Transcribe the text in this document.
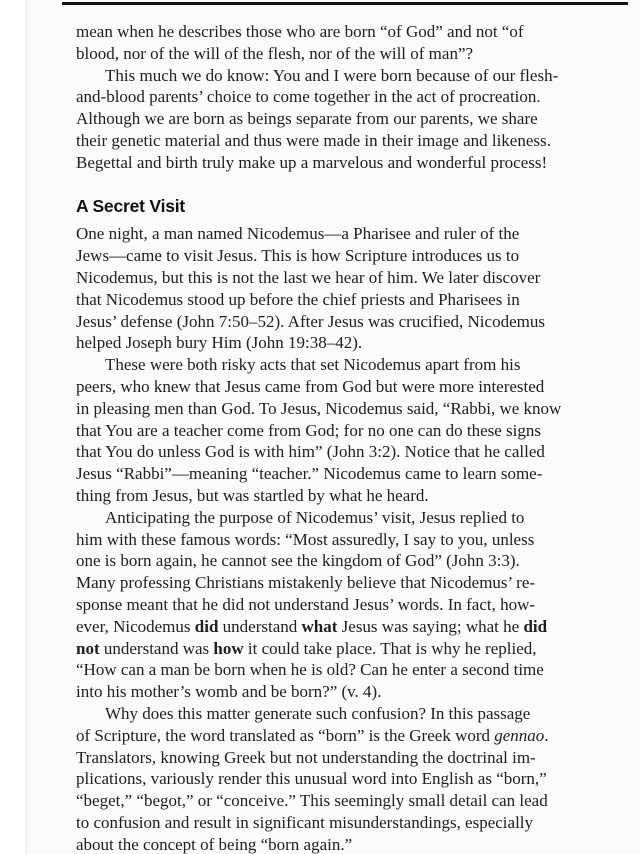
mean when he describes those who are born “of God” and not “of
blood, nor of the will of the flesh, nor of the will of man”?
This much we do know: You and I were born because of our flesh-
and-blood parents’ choice to come together in the act of procreation.
Although we are born as beings separate from our parents, we share
their genetic material and thus were made in their image and likeness.
Begettal and birth truly make up a marvelous and wonderful process!
A Secret Visit
One night, a man named Nicodemus—a Pharisee and ruler of the
Jews—came to visit Jesus. This is how Scripture introduces us to
Nicodemus, but this is not the last we hear of him. We later discover
that Nicodemus stood up before the chief priests and Pharisees in
Jesus’ defense (John 7:50–52). After Jesus was crucified, Nicodemus
helped Joseph bury Him (John 19:38–42).
These were both risky acts that set Nicodemus apart from his
peers, who knew that Jesus came from God but were more interested
in pleasing men than God. To Jesus, Nicodemus said, “Rabbi, we know
that You are a teacher come from God; for no one can do these signs
that You do unless God is with him” (John 3:2). Notice that he called
Jesus “Rabbi”—meaning “teacher.” Nicodemus came to learn some-
thing from Jesus, but was startled by what he heard.
Anticipating the purpose of Nicodemus’ visit, Jesus replied to
him with these famous words: “Most assuredly, I say to you, unless
one is born again, he cannot see the kingdom of God” (John 3:3).
Many professing Christians mistakenly believe that Nicodemus’ re-
sponse meant that he did not understand Jesus’ words. In fact, how-
ever, Nicodemus did understand what Jesus was saying; what he did
not understand was how it could take place. That is why he replied,
“How can a man be born when he is old? Can he enter a second time
into his mother’s womb and be born?” (v. 4).
Why does this matter generate such confusion? In this passage
of Scripture, the word translated as “born” is the Greek word gennao.
Translators, knowing Greek but not understanding the doctrinal im-
plications, variously render this unusual word into English as “born,”
“beget,” “begot,” or “conceive.” This seemingly small detail can lead
to confusion and result in significant misunderstandings, especially
about the concept of being “born again.”
